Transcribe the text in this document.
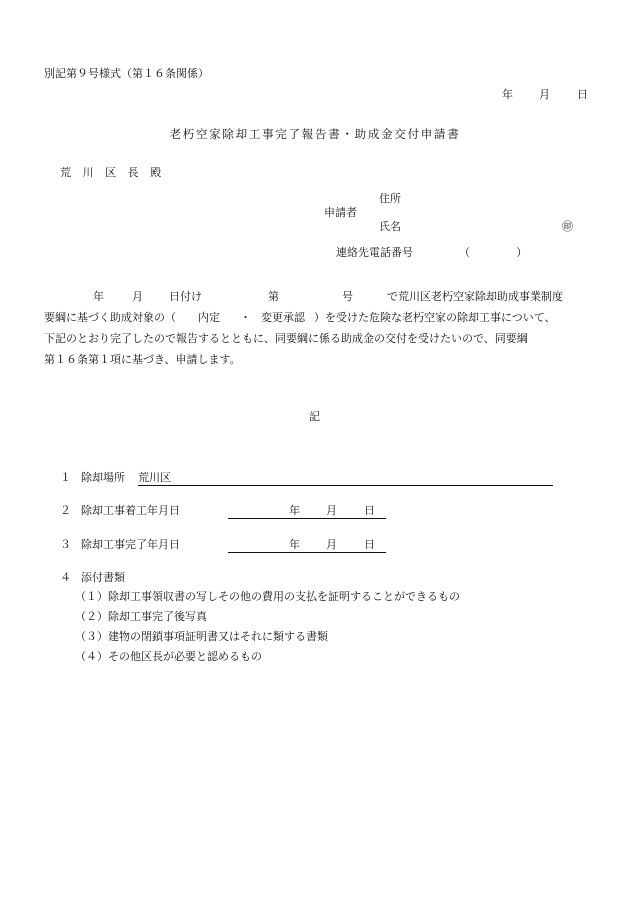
別記第９号様式（第１６条関係）
年 月 日
老朽空家除却工事完了報告書・助成金交付申請書
荒川区長殿
住所
申請者
氏名	㊞
連絡先電話番号	（　　　）
年	月 日付け	第	号	で荒川区老朽空家除却助成事業制度
要綱に基づく助成対象の（ 内定 ・ 変更承認 ）を受けた危険な老朽空家の除却工事について、
下記のとおり完了したので報告するとともに、同要綱に係る助成金の交付を受けたいので、同要綱
第１６条第１項に基づき、申請します。
記
１ 除却場所 荒川区
２ 除却工事着工年月日	年 月 日
３ 除却工事完了年月日	年 月 日
４ 添付書類
（１）除却工事領収書の写しその他の費用の支払を証明することができるもの
（２）除却工事完了後写真
（３）建物の閉鎖事項証明書又はそれに類する書類
（４）その他区長が必要と認めるもの
